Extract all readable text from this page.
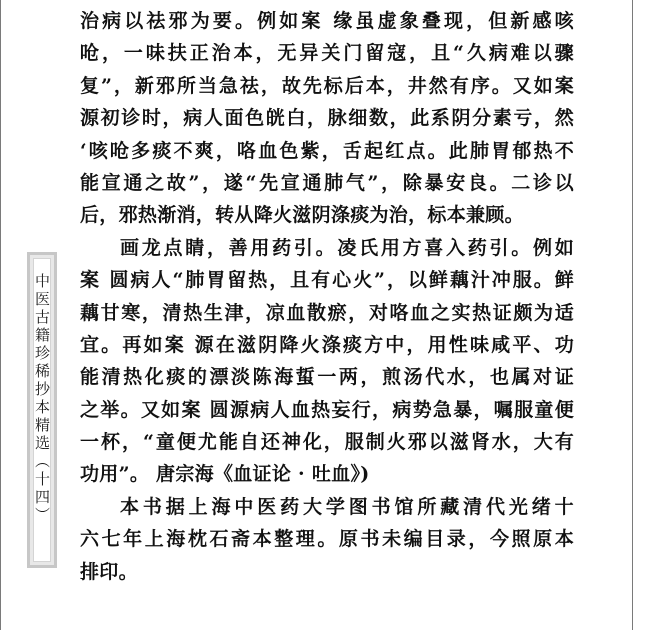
中医古籍珍稀抄本精选（十四）
治病以祛邪为要。例如案 缘虽虚象叠现，但新感咳
呛，一味扶正治本，无异关门留寇，且“久病难以骤
复”，新邪所当急祛，故先标后本，井然有序。又如案
源初诊时，病人面色㿠白，脉细数，此系阴分素亏，然
‘咳呛多痰不爽，咯血色紫，舌起红点。此肺胃郁热不
能宣通之故”，遂“先宣通肺气”，除暴安良。二诊以
后，邪热渐消，转从降火滋阴涤痰为治，标本兼顾。
画龙点睛，善用药引。凌氏用方喜入药引。例如
案 圆病人“肺胃留热，且有心火”，以鲜藕汁冲服。鲜
藕甘寒，清热生津，凉血散瘀，对咯血之实热证颇为适
宜。再如案 源在滋阴降火涤痰方中，用性味咸平、功
能清热化痰的漂淡陈海蜇一两，煎汤代水，也属对证
之举。又如案 圆源病人血热妄行，病势急暴，嘱服童便
一杯，“童便尤能自还神化，服制火邪以滋肾水，大有
功用”。 唐宗海《血证论 · 吐血》)
本书据上海中医药大学图书馆所藏清代光绪十
六七年上海枕石斋本整理。原书未编目录，今照原本
排印。
